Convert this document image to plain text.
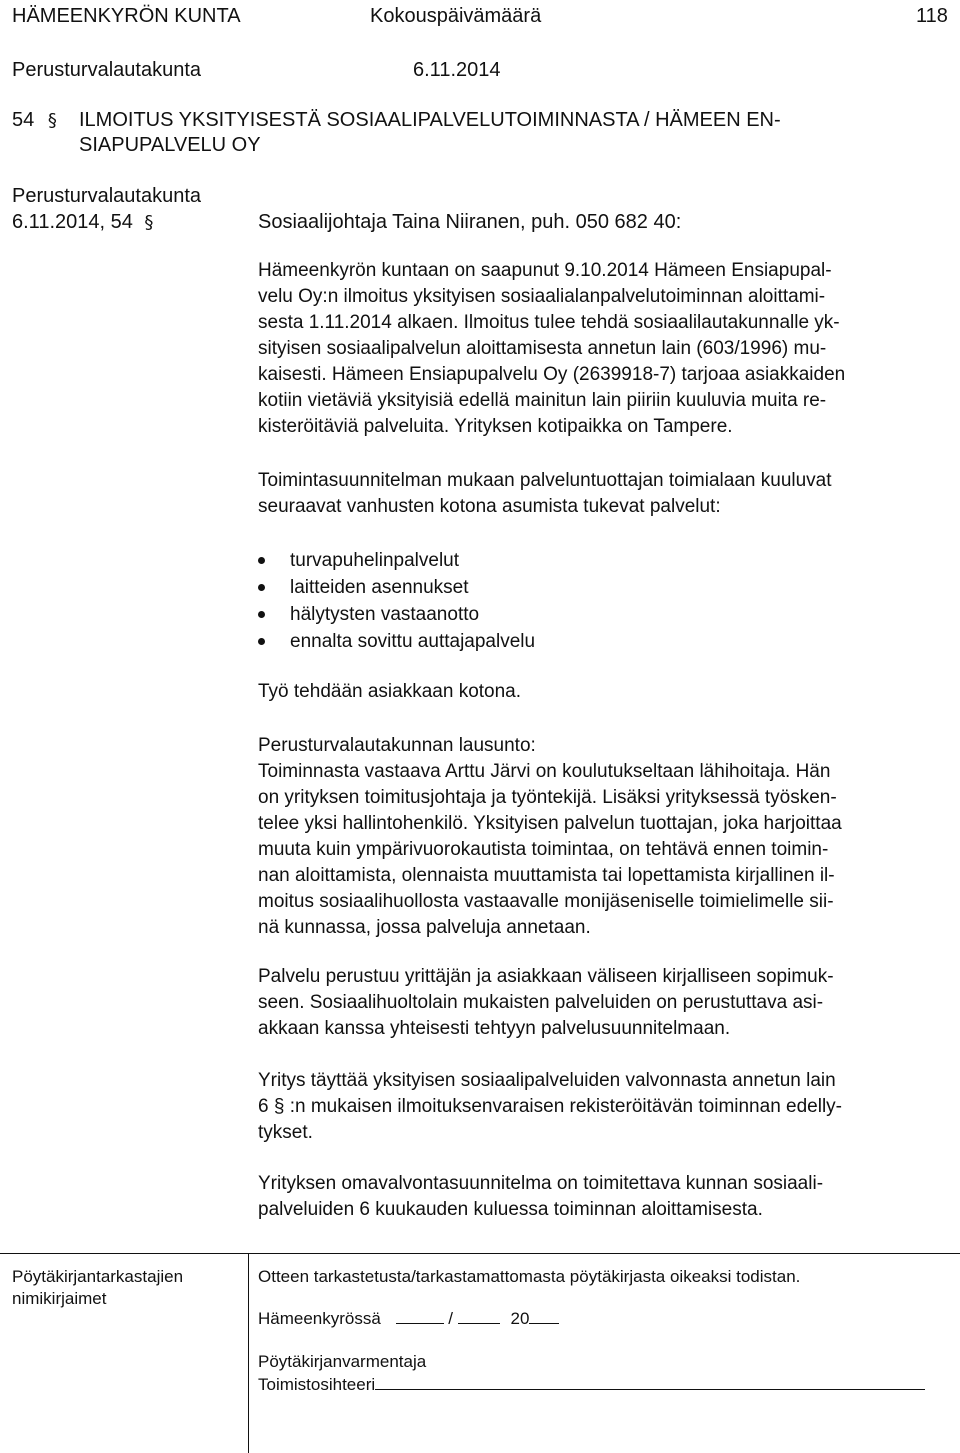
HÄMEENKYRÖN KUNTA	Kokouspäivämäärä	118
Perusturvalautakunta	6.11.2014
54 § ILMOITUS YKSITYISESTÄ SOSIAALIPALVELUTOIMINNASTA / HÄMEEN EN-
SIAPUPALVELU OY
Perusturvalautakunta
6.11.2014, 54 §	Sosiaalijohtaja Taina Niiranen, puh. 050 682 40:
Hämeenkyrön kuntaan on saapunut 9.10.2014 Hämeen Ensiapupal-
velu Oy:n ilmoitus yksityisen sosiaalialanpalvelutoiminnan aloittami-
sesta 1.11.2014 alkaen. Ilmoitus tulee tehdä sosiaalilautakunnalle yk-
sityisen sosiaalipalvelun aloittamisesta annetun lain (603/1996) mu-
kaisesti. Hämeen Ensiapupalvelu Oy (2639918-7) tarjoaa asiakkaiden
kotiin vietäviä yksityisiä edellä mainitun lain piiriin kuuluvia muita re-
kisteröitäviä palveluita. Yrityksen kotipaikka on Tampere.
Toimintasuunnitelman mukaan palveluntuottajan toimialaan kuuluvat
seuraavat vanhusten kotona asumista tukevat palvelut:
turvapuhelinpalvelut
laitteiden asennukset
hälytysten vastaanotto
ennalta sovittu auttajapalvelu
Työ tehdään asiakkaan kotona.
Perusturvalautakunnan lausunto:
Toiminnasta vastaava Arttu Järvi on koulutukseltaan lähihoitaja. Hän
on yrityksen toimitusjohtaja ja työntekijä. Lisäksi yrityksessä työsken-
telee yksi hallintohenkilö. Yksityisen palvelun tuottajan, joka harjoittaa
muuta kuin ympärivuorokautista toimintaa, on tehtävä ennen toimin-
nan aloittamista, olennaista muuttamista tai lopettamista kirjallinen il-
moitus sosiaalihuollosta vastaavalle monijäseniselle toimielimelle sii-
nä kunnassa, jossa palveluja annetaan.
Palvelu perustuu yrittäjän ja asiakkaan väliseen kirjalliseen sopimuk-
seen. Sosiaalihuoltolain mukaisten palveluiden on perustuttava asi-
akkaan kanssa yhteisesti tehtyyn palvelusuunnitelmaan.
Yritys täyttää yksityisen sosiaalipalveluiden valvonnasta annetun lain
6 § :n mukaisen ilmoituksenvaraisen rekisteröitävän toiminnan edelly-
tykset.
Yrityksen omavalvontasuunnitelma on toimitettava kunnan sosiaali-
palveluiden 6 kuukauden kuluessa toiminnan aloittamisesta.
Pöytäkirjantarkastajien
nimikirjaimet
Otteen tarkastetusta/tarkastamattomasta pöytäkirjasta oikeaksi todistan.
Hämeenkyrössä	/	20
Pöytäkirjanvarmentaja
Toimistosihteeri
